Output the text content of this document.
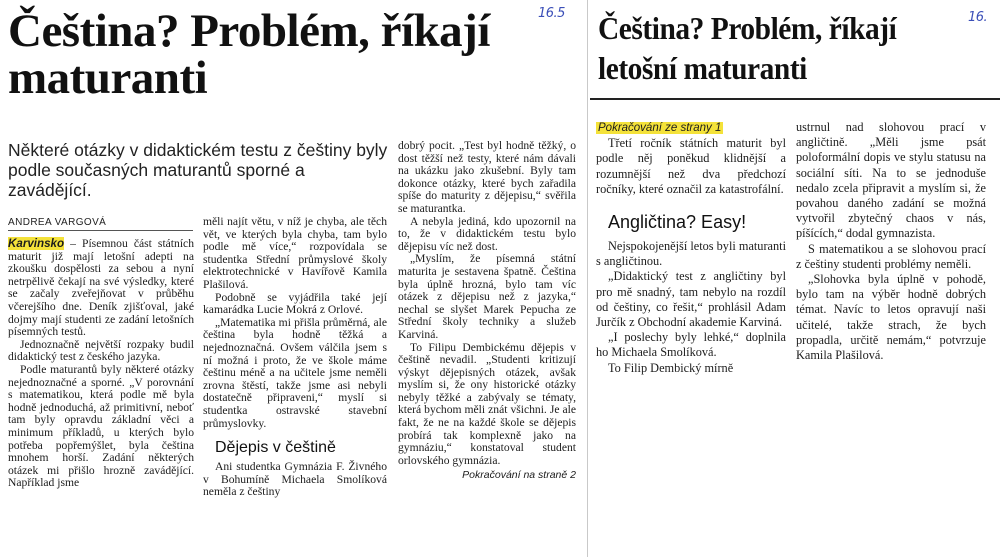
16.5
Čeština? Problém, říkají maturanti
Některé otázky v didaktickém testu z češtiny byly podle současných maturantů sporné a zavádějící.
ANDREA VARGOVÁ

Karvinsko – Písemnou část státních maturit již mají letošní adepti na zkoušku dospělosti za sebou a nyní netrpělivě čekají na své výsledky, které se začaly zveřejňovat v průběhu včerejšího dne. Deník zjišťoval, jaké dojmy mají studenti ze zadání letošních písemných testů.

Jednoznačně největší rozpaky budil didaktický test z českého jazyka.

Podle maturantů byly některé otázky nejednoznačné a sporné. „V porovnání s matematikou, která podle mě byla hodně jednoduchá, až primitivní, neboť tam byly opravdu základní věci a minimum příkladů, u kterých bylo potřeba popřemýšlet, byla čeština mnohem horší. Zadání některých otázek mi přišlo hrozně zavádějící. Například jsme

měli najít větu, v níž je chyba, ale těch vět, ve kterých byla chyba, tam bylo podle mě více,“ rozpovídala se studentka Střední průmyslové školy elektrotechnické v Havířově Kamila Plašilová.

Podobně se vyjádřila také její kamarádka Lucie Mokrá z Orlové.

„Matematika mi přišla průměrná, ale čeština byla hodně těžká a nejednoznačná. Ovšem válčila jsem s ní možná i proto, že ve škole máme češtinu méně a na učitele jsme neměli zrovna štěstí, takže jsme asi nebyli dostatečně připraveni,“ myslí si studentka ostravské stavební průmyslovky.

Dějepis v češtině

Ani studentka Gymnázia F. Živného v Bohumíně Michaela Smolíková neměla z češtiny

dobrý pocit. „Test byl hodně těžký, o dost těžší než testy, které nám dávali na ukázku jako zkušební. Byly tam dokonce otázky, které bych zařadila spíše do maturity z dějepisu,“ svěřila se maturantka.

A nebyla jediná, kdo upozornil na to, že v didaktickém testu bylo dějepisu víc než dost.

„Myslím, že písemná státní maturita je sestavena špatně. Čeština byla úplně hrozná, bylo tam víc otázek z dějepisu než z jazyka,“ nechal se slyšet Marek Pepucha ze Střední školy techniky a služeb Karviná.

To Filipu Dembickému dějepis v češtině nevadil. „Studenti kritizují výskyt dějepisných otázek, avšak myslím si, že ony historické otázky nebyly těžké a zabývaly se tématy, která bychom měli znát všichni. Je ale fakt, že ne na každé škole se dějepis probírá tak komplexně jako na gymnáziu,“ konstatoval student orlovského gymnázia.

Pokračování na straně 2

16.
Čeština? Problém, říkají letošní maturanti

Pokračování ze strany 1

Třetí ročník státních maturit byl podle něj poněkud klidnější a rozumnější než dva předchozí ročníky, které označil za katastrofální.

Angličtina? Easy!

Nejspokojenější letos byli maturanti s angličtinou.

„Didaktický test z angličtiny byl pro mě snadný, tam nebylo na rozdíl od češtiny, co řešit,“ prohlásil Adam Jurčík z Obchodní akademie Karviná.

„I poslechy byly lehké,“ doplnila ho Michaela Smolíková.

To Filip Dembický mírně

ustrnul nad slohovou prací v angličtině. „Měli jsme psát poloformální dopis ve stylu statusu na sociální síti. Na to se jednoduše nedalo zcela připravit a myslím si, že povahou daného zadání se možná vytvořil zbytečný chaos v nás, píšících,“ dodal gymnazista.

S matematikou a se slohovou prací z češtiny studenti problémy neměli.

„Slohovka byla úplně v pohodě, bylo tam na výběr hodně dobrých témat. Navíc to letos opravují naši učitelé, takže strach, že bych propadla, určitě nemám,“ potvrzuje Kamila Plašilová.
